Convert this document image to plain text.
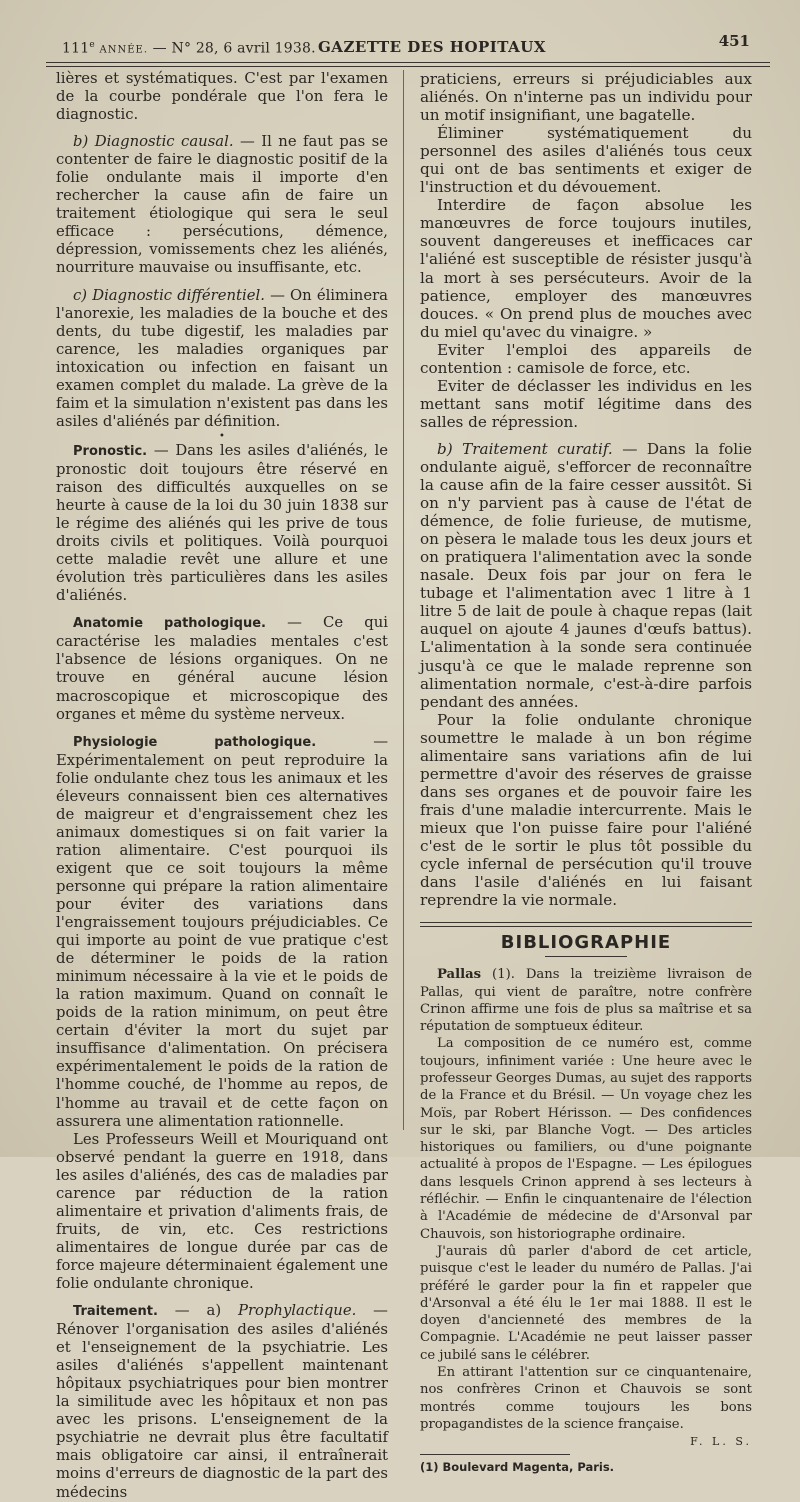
111e ANNÉE. — N° 28, 6 avril 1938. GAZETTE DES HOPITAUX	451

lières et systématiques. C'est par l'examen de la courbe pondérale que l'on fera le diagnostic.

b) Diagnostic causal. — Il ne faut pas se contenter de faire le diagnostic positif de la folie ondulante mais il importe d'en rechercher la cause afin de faire un traitement étiologique qui sera le seul efficace : persécutions, démence, dépression, vomissements chez les aliénés, nourriture mauvaise ou insuffisante, etc.

c) Diagnostic différentiel. — On éliminera l'anorexie, les maladies de la bouche et des dents, du tube digestif, les maladies par carence, les maladies organiques par intoxication ou infection en faisant un examen complet du malade. La grève de la faim et la simulation n'existent pas dans les asiles d'aliénés par définition.

•

Pronostic. — Dans les asiles d'aliénés, le pronostic doit toujours être réservé en raison des difficultés auxquelles on se heurte à cause de la loi du 30 juin 1838 sur le régime des aliénés qui les prive de tous droits civils et politiques. Voilà pourquoi cette maladie revêt une allure et une évolution très particulières dans les asiles d'aliénés.

Anatomie pathologique. — Ce qui caractérise les maladies mentales c'est l'absence de lésions organiques. On ne trouve en général aucune lésion macroscopique et microscopique des organes et même du système nerveux.

Physiologie pathologique. — Expérimentalement on peut reproduire la folie ondulante chez tous les animaux et les éleveurs connaissent bien ces alternatives de maigreur et d'engraissement chez les animaux domestiques si on fait varier la ration alimentaire. C'est pourquoi ils exigent que ce soit toujours la même personne qui prépare la ration alimentaire pour éviter des variations dans l'engraissement toujours préjudiciables. Ce qui importe au point de vue pratique c'est de déterminer le poids de la ration minimum nécessaire à la vie et le poids de la ration maximum. Quand on connaît le poids de la ration minimum, on peut être certain d'éviter la mort du sujet par insuffisance d'alimentation. On précisera expérimentalement le poids de la ration de l'homme couché, de l'homme au repos, de l'homme au travail et de cette façon on assurera une alimentation rationnelle.

Les Professeurs Weill et Mouriquand ont observé pendant la guerre en 1918, dans les asiles d'aliénés, des cas de maladies par carence par réduction de la ration alimentaire et privation d'aliments frais, de fruits, de vin, etc. Ces restrictions alimentaires de longue durée par cas de force majeure déterminaient également une folie ondulante chronique.

Traitement. — a) Prophylactique. — Rénover l'organisation des asiles d'aliénés et l'enseignement de la psychiatrie. Les asiles d'aliénés s'appellent maintenant hôpitaux psychiatriques pour bien montrer la similitude avec les hôpitaux et non pas avec les prisons. L'enseignement de la psychiatrie ne devrait plus être facultatif mais obligatoire car ainsi, il entraînerait moins d'erreurs de diagnostic de la part des médecins

praticiens, erreurs si préjudiciables aux aliénés. On n'interne pas un individu pour un motif insignifiant, une bagatelle.

Éliminer systématiquement du personnel des asiles d'aliénés tous ceux qui ont de bas sentiments et exiger de l'instruction et du dévouement.

Interdire de façon absolue les manœuvres de force toujours inutiles, souvent dangereuses et inefficaces car l'aliéné est susceptible de résister jusqu'à la mort à ses persécuteurs. Avoir de la patience, employer des manœuvres douces. « On prend plus de mouches avec du miel qu'avec du vinaigre. »

Eviter l'emploi des appareils de contention : camisole de force, etc.

Eviter de déclasser les individus en les mettant sans motif légitime dans des salles de répression.

b) Traitement curatif. — Dans la folie ondulante aiguë, s'efforcer de reconnaître la cause afin de la faire cesser aussitôt. Si on n'y parvient pas à cause de l'état de démence, de folie furieuse, de mutisme, on pèsera le malade tous les deux jours et on pratiquera l'alimentation avec la sonde nasale. Deux fois par jour on fera le tubage et l'alimentation avec 1 litre à 1 litre 5 de lait de poule à chaque repas (lait auquel on ajoute 4 jaunes d'œufs battus). L'alimentation à la sonde sera continuée jusqu'à ce que le malade reprenne son alimentation normale, c'est-à-dire parfois pendant des années.

Pour la folie ondulante chronique soumettre le malade à un bon régime alimentaire sans variations afin de lui permettre d'avoir des réserves de graisse dans ses organes et de pouvoir faire les frais d'une maladie intercurrente. Mais le mieux que l'on puisse faire pour l'aliéné c'est de le sortir le plus tôt possible du cycle infernal de persécution qu'il trouve dans l'asile d'aliénés en lui faisant reprendre la vie normale.

BIBLIOGRAPHIE

Pallas (1). Dans la treizième livraison de Pallas, qui vient de paraître, notre confrère Crinon affirme une fois de plus sa maîtrise et sa réputation de somptueux éditeur.

La composition de ce numéro est, comme toujours, infiniment variée : Une heure avec le professeur Georges Dumas, au sujet des rapports de la France et du Brésil. — Un voyage chez les Moïs, par Robert Hérisson. — Des confidences sur le ski, par Blanche Vogt. — Des articles historiques ou familiers, ou d'une poignante actualité à propos de l'Espagne. — Les épilogues dans lesquels Crinon apprend à ses lecteurs à réfléchir. — Enfin le cinquantenaire de l'élection à l'Académie de médecine de d'Arsonval par Chauvois, son historiographe ordinaire.

J'aurais dû parler d'abord de cet article, puisque c'est le leader du numéro de Pallas. J'ai préféré le garder pour la fin et rappeler que d'Arsonval a été élu le 1er mai 1888. Il est le doyen d'ancienneté des membres de la Compagnie. L'Académie ne peut laisser passer ce jubilé sans le célébrer.

En attirant l'attention sur ce cinquantenaire, nos confrères Crinon et Chauvois se sont montrés comme toujours les bons propagandistes de la science française.

F. L. S.
(1) Boulevard Magenta, Paris.
